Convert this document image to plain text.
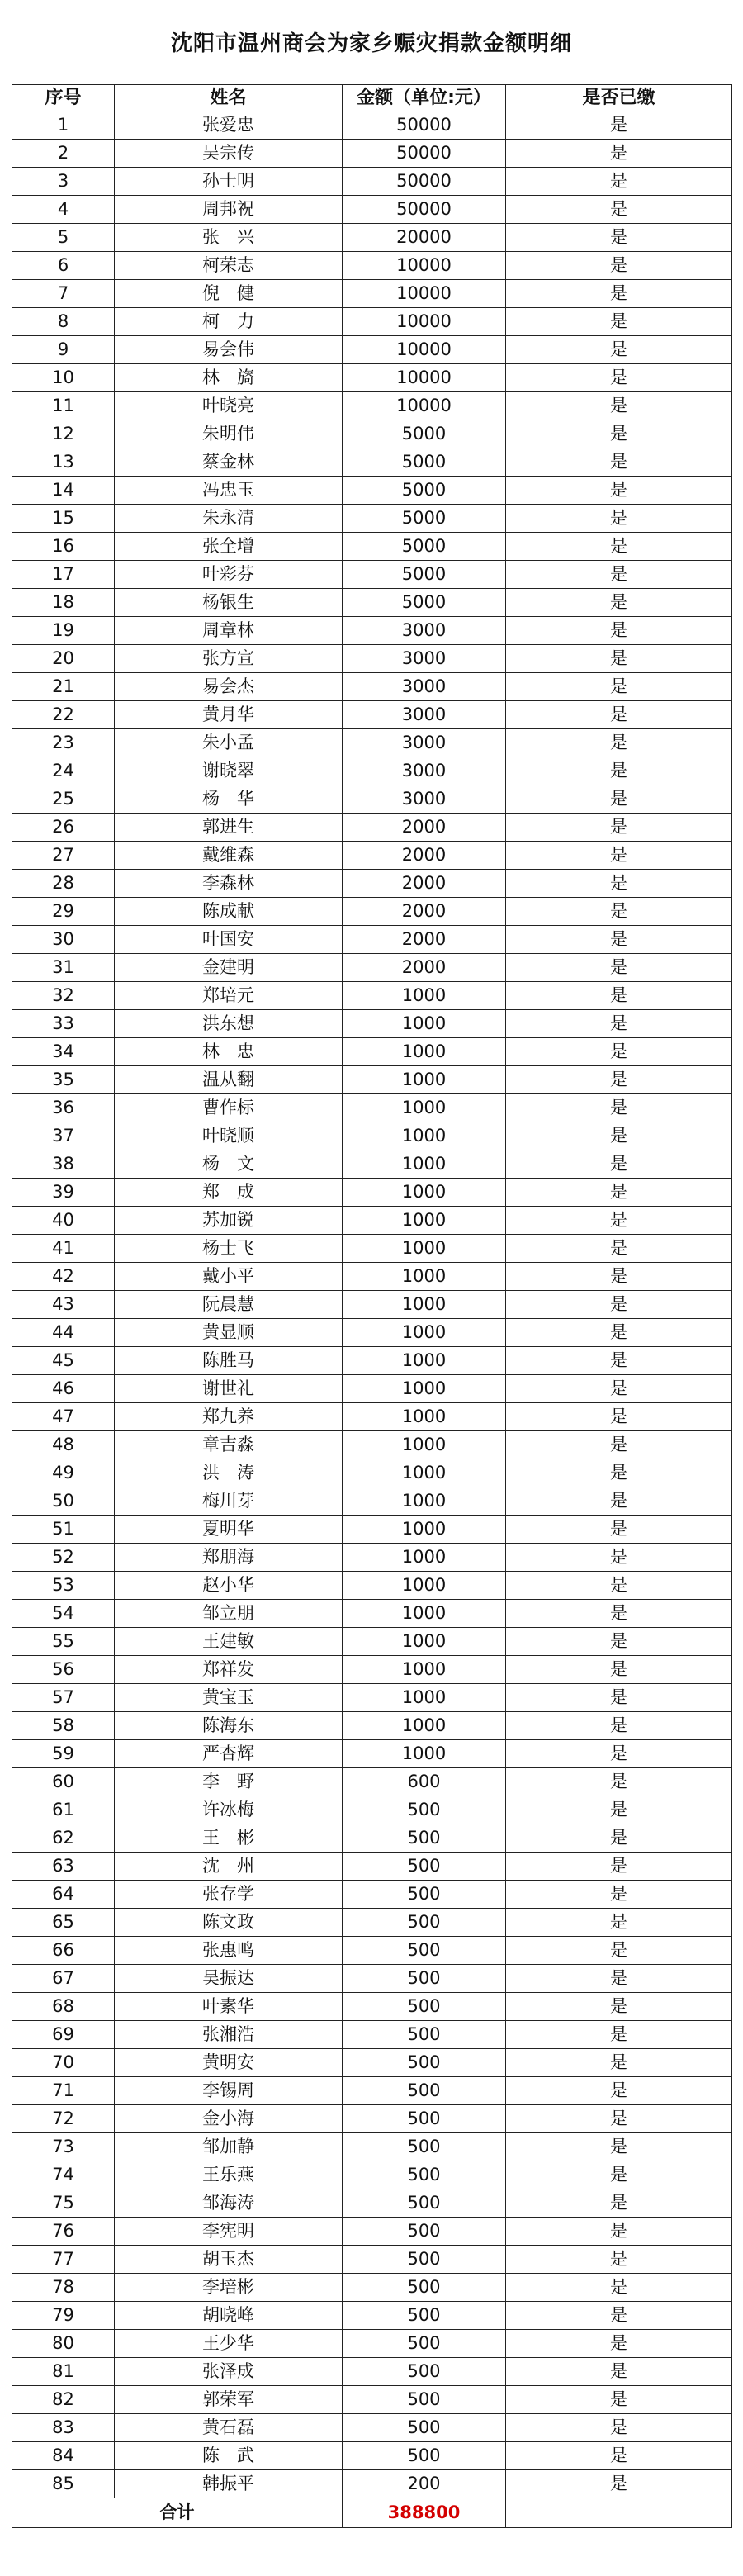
沈阳市温州商会为家乡赈灾捐款金额明细
序号	姓名	金额（单位:元）	是否已缴
1	张爱忠	50000	是
2	吴宗传	50000	是
3	孙士明	50000	是
4	周邦祝	50000	是
5	张　兴	20000	是
6	柯荣志	10000	是
7	倪　健	10000	是
8	柯　力	10000	是
9	易会伟	10000	是
10	林　旖	10000	是
11	叶晓亮	10000	是
12	朱明伟	5000	是
13	蔡金林	5000	是
14	冯忠玉	5000	是
15	朱永清	5000	是
16	张全增	5000	是
17	叶彩芬	5000	是
18	杨银生	5000	是
19	周章林	3000	是
20	张方宣	3000	是
21	易会杰	3000	是
22	黄月华	3000	是
23	朱小孟	3000	是
24	谢晓翠	3000	是
25	杨　华	3000	是
26	郭进生	2000	是
27	戴维森	2000	是
28	李森林	2000	是
29	陈成献	2000	是
30	叶国安	2000	是
31	金建明	2000	是
32	郑培元	1000	是
33	洪东想	1000	是
34	林　忠	1000	是
35	温从翻	1000	是
36	曹作标	1000	是
37	叶晓顺	1000	是
38	杨　文	1000	是
39	郑　成	1000	是
40	苏加锐	1000	是
41	杨士飞	1000	是
42	戴小平	1000	是
43	阮晨慧	1000	是
44	黄显顺	1000	是
45	陈胜马	1000	是
46	谢世礼	1000	是
47	郑九养	1000	是
48	章吉淼	1000	是
49	洪　涛	1000	是
50	梅川芽	1000	是
51	夏明华	1000	是
52	郑朋海	1000	是
53	赵小华	1000	是
54	邹立朋	1000	是
55	王建敏	1000	是
56	郑祥发	1000	是
57	黄宝玉	1000	是
58	陈海东	1000	是
59	严杏辉	1000	是
60	李　野	600	是
61	许冰梅	500	是
62	王　彬	500	是
63	沈　州	500	是
64	张存学	500	是
65	陈文政	500	是
66	张惠鸣	500	是
67	吴振达	500	是
68	叶素华	500	是
69	张湘浩	500	是
70	黄明安	500	是
71	李锡周	500	是
72	金小海	500	是
73	邹加静	500	是
74	王乐燕	500	是
75	邹海涛	500	是
76	李宪明	500	是
77	胡玉杰	500	是
78	李培彬	500	是
79	胡晓峰	500	是
80	王少华	500	是
81	张泽成	500	是
82	郭荣军	500	是
83	黄石磊	500	是
84	陈　武	500	是
85	韩振平	200	是
合计		388800	
